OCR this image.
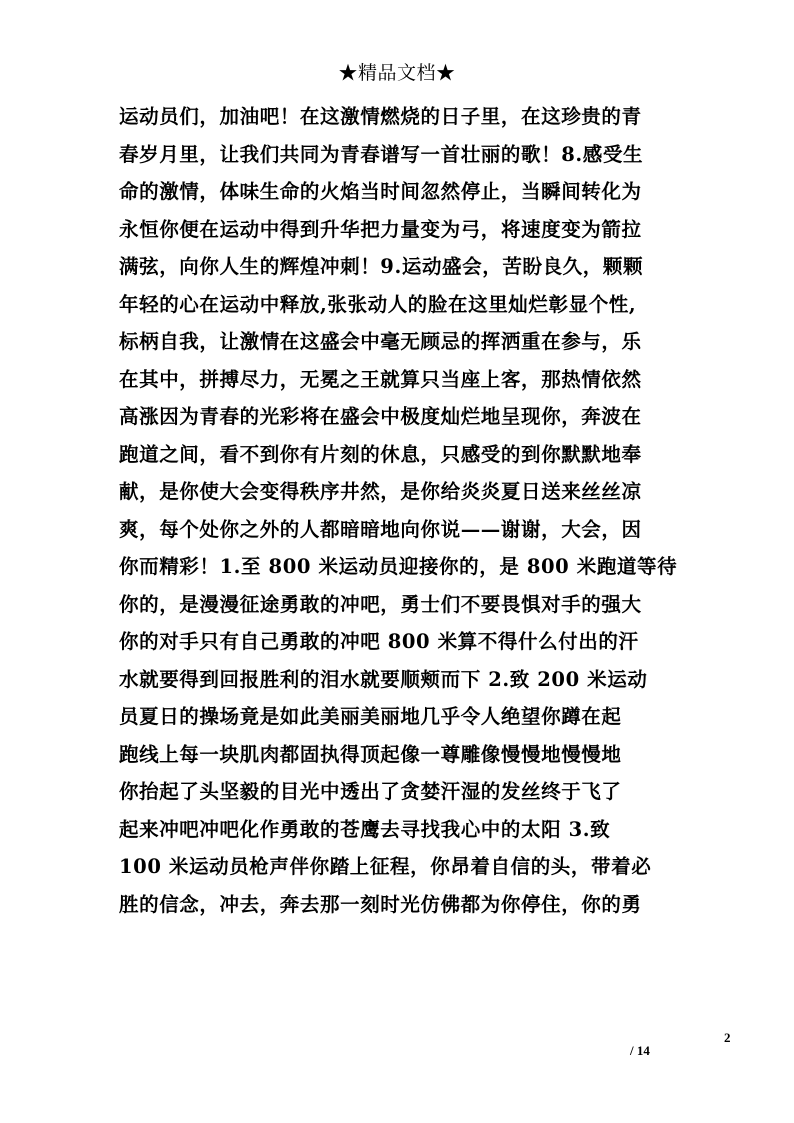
★精品文档★
运动员们，加油吧！在这激情燃烧的日子里，在这珍贵的青
春岁月里，让我们共同为青春谱写一首壮丽的歌！8.感受生
命的激情，体味生命的火焰当时间忽然停止，当瞬间转化为
永恒你便在运动中得到升华把力量变为弓，将速度变为箭拉
满弦，向你人生的辉煌冲刺！9.运动盛会，苦盼良久，颗颗
年轻的心在运动中释放,张张动人的脸在这里灿烂彰显个性,
标柄自我，让激情在这盛会中毫无顾忌的挥洒重在参与，乐
在其中，拼搏尽力，无冕之王就算只当座上客，那热情依然
高涨因为青春的光彩将在盛会中极度灿烂地呈现你，奔波在
跑道之间，看不到你有片刻的休息，只感受的到你默默地奉
献，是你使大会变得秩序井然，是你给炎炎夏日送来丝丝凉
爽，每个处你之外的人都暗暗地向你说——谢谢，大会，因
你而精彩！1.至 800 米运动员迎接你的，是 800 米跑道等待
你的，是漫漫征途勇敢的冲吧，勇士们不要畏惧对手的强大
你的对手只有自己勇敢的冲吧 800 米算不得什么付出的汗
水就要得到回报胜利的泪水就要顺颊而下 2.致 200 米运动
员夏日的操场竟是如此美丽美丽地几乎令人绝望你蹲在起
跑线上每一块肌肉都固执得顶起像一尊雕像慢慢地慢慢地
你抬起了头坚毅的目光中透出了贪婪汗湿的发丝终于飞了
起来冲吧冲吧化作勇敢的苍鹰去寻找我心中的太阳 3.致
100 米运动员枪声伴你踏上征程，你昂着自信的头，带着必
胜的信念，冲去，奔去那一刻时光仿佛都为你停住，你的勇
2
/ 14
